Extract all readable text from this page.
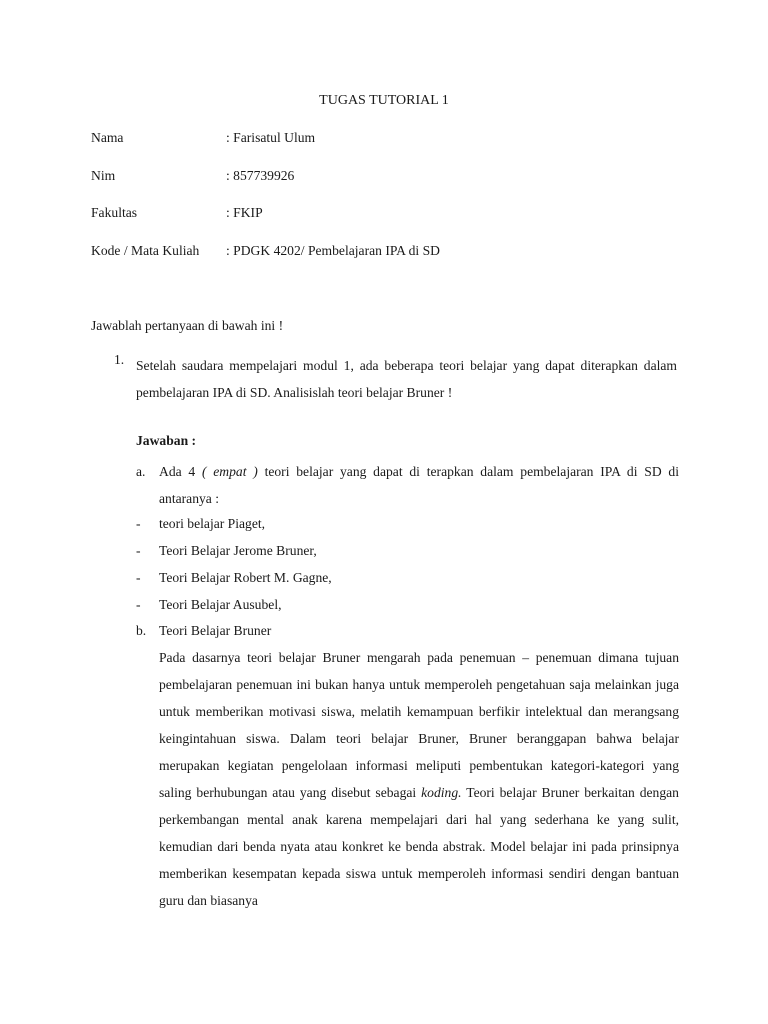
TUGAS TUTORIAL 1
Nama	: Farisatul Ulum
Nim	: 857739926
Fakultas	: FKIP
Kode / Mata Kuliah : PDGK 4202/ Pembelajaran IPA di SD
Jawablah pertanyaan di bawah ini !
1. Setelah saudara mempelajari modul 1, ada beberapa teori belajar yang dapat diterapkan dalam pembelajaran IPA di SD. Analisislah teori belajar Bruner !
Jawaban :
a. Ada 4 ( empat ) teori belajar yang dapat di terapkan dalam pembelajaran IPA di SD di antaranya :
- teori belajar Piaget,
- Teori Belajar Jerome Bruner,
- Teori Belajar Robert M. Gagne,
- Teori Belajar Ausubel,
b. Teori Belajar Bruner
Pada dasarnya teori belajar Bruner mengarah pada penemuan – penemuan dimana tujuan pembelajaran penemuan ini bukan hanya untuk memperoleh pengetahuan saja melainkan juga untuk memberikan motivasi siswa, melatih kemampuan berfikir intelektual dan merangsang keingintahuan siswa. Dalam teori belajar Bruner, Bruner beranggapan bahwa belajar merupakan kegiatan pengelolaan informasi meliputi pembentukan kategori-kategori yang saling berhubungan atau yang disebut sebagai koding. Teori belajar Bruner berkaitan dengan perkembangan mental anak karena mempelajari dari hal yang sederhana ke yang sulit, kemudian dari benda nyata atau konkret ke benda abstrak. Model belajar ini pada prinsipnya memberikan kesempatan kepada siswa untuk memperoleh informasi sendiri dengan bantuan guru dan biasanya
